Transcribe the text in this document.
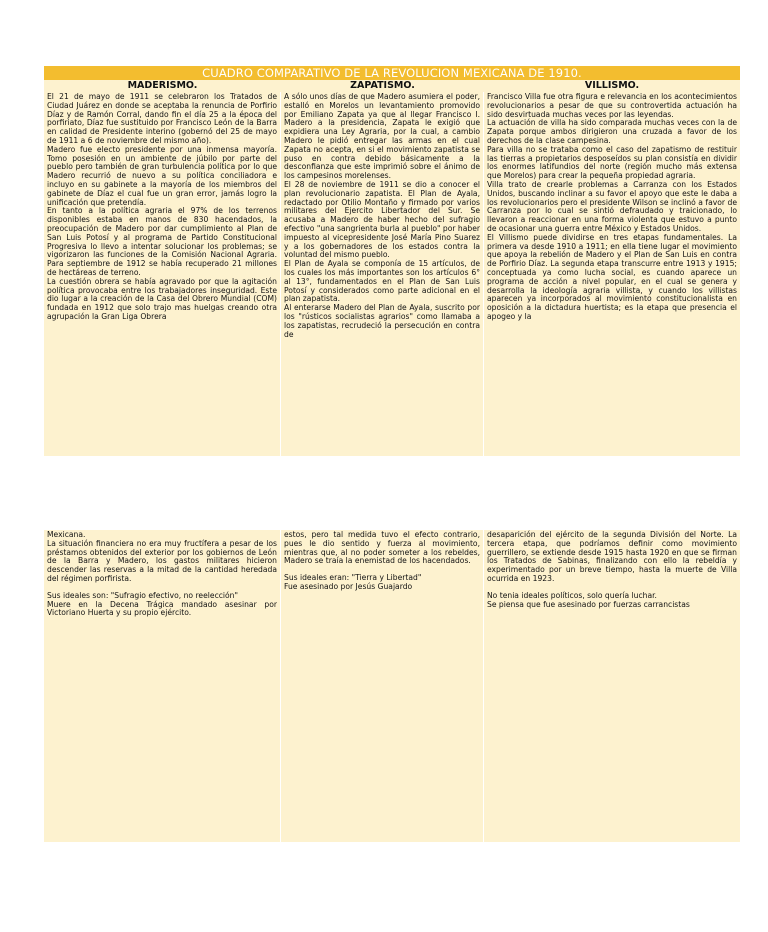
CUADRO COMPARATIVO DE LA REVOLUCION MEXICANA DE 1910.
MADERISMO.	ZAPATISMO.	VILLISMO.

El 21 de mayo de 1911 se celebraron los Tratados de Ciudad Juárez en donde se aceptaba la renuncia de Porfirio Díaz y de Ramón Corral, dando fin el día 25 a la época del porfiriato, Díaz fue sustituido por Francisco León de la Barra en calidad de Presidente interino (gobernó del 25 de mayo de 1911 a 6 de noviembre del mismo año).

Madero fue electo presidente por una inmensa mayoría. Tomo posesión en un ambiente de júbilo por parte del pueblo pero también de gran turbulencia política por lo que Madero recurrió de nuevo a su política conciliadora e incluyo en su gabinete a la mayoría de los miembros del gabinete de Díaz el cual fue un gran error, jamás logro la unificación que pretendía.

En tanto a la política agraria el 97% de los terrenos disponibles estaba en manos de 830 hacendados, la preocupación de Madero por dar cumplimiento al Plan de San Luis Potosí y al programa de Partido Constitucional Progresiva lo llevo a intentar solucionar los problemas; se vigorizaron las funciones de la Comisión Nacional Agraria. Para septiembre de 1912 se había recuperado 21 millones de hectáreas de terreno.

La cuestión obrera se había agravado por que la agitación política provocaba entre los trabajadores inseguridad. Este dio lugar a la creación de la Casa del Obrero Mundial (COM) fundada en 1912 que solo trajo mas huelgas creando otra agrupación la Gran Liga Obrera

A sólo unos días de que Madero asumiera el poder, estalló en Morelos un levantamiento promovido por Emiliano Zapata ya que al llegar Francisco I. Madero a la presidencia, Zapata le exigió que expidiera una Ley Agraria, por la cual, a cambio Madero le pidió entregar las armas en el cual Zapata no acepta, en si el movimiento zapatista se puso en contra debido básicamente a la desconfianza que este imprimió sobre el ánimo de los campesinos morelenses.

El 28 de noviembre de 1911 se dio a conocer el plan revolucionario zapatista. El Plan de Ayala, redactado por Otilio Montaño y firmado por varios militares del Ejercito Libertador del Sur. Se acusaba a Madero de haber hecho del sufragio efectivo "una sangrienta burla al pueblo" por haber impuesto al vicepresidente José María Pino Suarez y a los gobernadores de los estados contra la voluntad del mismo pueblo.

El Plan de Ayala se componía de 15 artículos, de los cuales los más importantes son los artículos 6° al 13°, fundamentados en el Plan de San Luis Potosí y considerados como parte adicional en el plan zapatista.

Al enterarse Madero del Plan de Ayala, suscrito por los "rústicos socialistas agrarios" como llamaba a los zapatistas, recrudeció la persecución en contra de

Francisco Villa fue otra figura e relevancia en los acontecimientos revolucionarios a pesar de que su controvertida actuación ha sido desvirtuada muchas veces por las leyendas.

La actuación de villa ha sido comparada muchas veces con la de Zapata porque ambos dirigieron una cruzada a favor de los derechos de la clase campesina.

Para villa no se trataba como el caso del zapatismo de restituir las tierras a propietarios desposeídos su plan consistía en dividir los enormes latifundios del norte (región mucho más extensa que Morelos) para crear la pequeña propiedad agraria.

Villa trato de crearle problemas a Carranza con los Estados Unidos, buscando inclinar a su favor el apoyo que este le daba a los revolucionarios pero el presidente Wilson se inclinó a favor de Carranza por lo cual se sintió defraudado y traicionado, lo llevaron a reaccionar en una forma violenta que estuvo a punto de ocasionar una guerra entre México y Estados Unidos.

El Villismo puede dividirse en tres etapas fundamentales. La primera va desde 1910 a 1911; en ella tiene lugar el movimiento que apoya la rebelión de Madero y el Plan de San Luis en contra de Porfirio Díaz. La segunda etapa transcurre entre 1913 y 1915; conceptuada ya como lucha social, es cuando aparece un programa de acción a nivel popular, en el cual se genera y desarrolla la ideología agraria villista, y cuando los villistas aparecen ya incorporados al movimiento constitucionalista en oposición a la dictadura huertista; es la etapa que presencia el apogeo y la

Mexicana.

La situación financiera no era muy fructífera a pesar de los préstamos obtenidos del exterior por los gobiernos de León de la Barra y Madero, los gastos militares hicieron descender las reservas a la mitad de la cantidad heredada del régimen porfirista.

Sus ideales son: "Sufragio efectivo, no reelección"

Muere en la Decena Trágica mandado asesinar por Victoriano Huerta y su propio ejército.

estos, pero tal medida tuvo el efecto contrario, pues le dio sentido y fuerza al movimiento, mientras que, al no poder someter a los rebeldes, Madero se traía la enemistad de los hacendados.

Sus ideales eran: "Tierra y Libertad"

Fue asesinado por Jesús Guajardo

desaparición del ejército de la segunda División del Norte. La tercera etapa, que podríamos definir como movimiento guerrillero, se extiende desde 1915 hasta 1920 en que se firman los Tratados de Sabinas, finalizando con ello la rebeldía y experimentado por un breve tiempo, hasta la muerte de Villa ocurrida en 1923.

No tenia ideales políticos, solo quería luchar.

Se piensa que fue asesinado por fuerzas carrancistas
